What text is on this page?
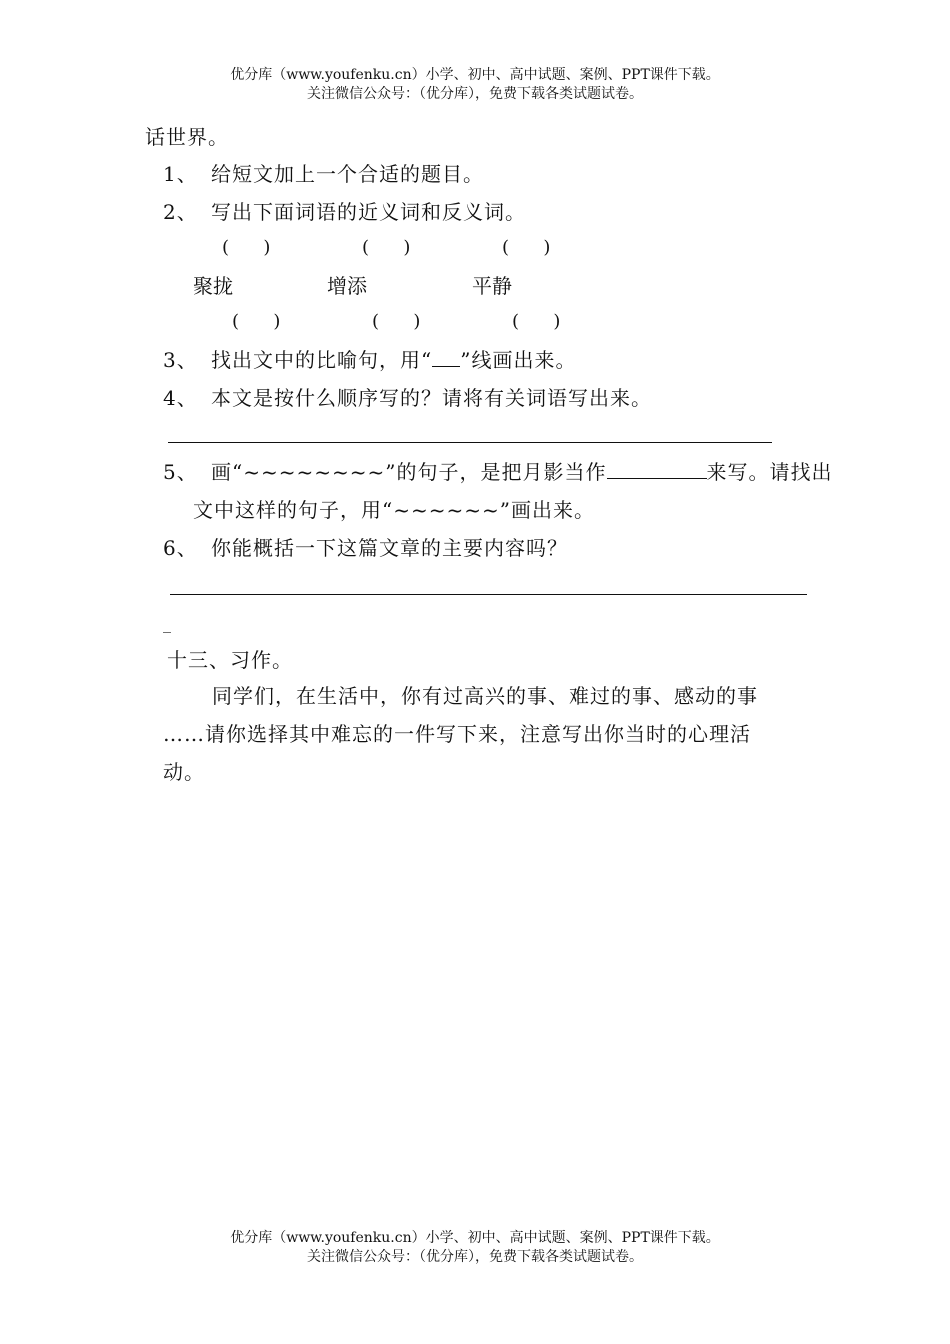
优分库（www.youfenku.cn）小学、初中、高中试题、案例、PPT课件下载。
关注微信公众号：（优分库），免费下载各类试题试卷。
话世界。
1、 给短文加上一个合适的题目。
2、 写出下面词语的近义词和反义词。
(      )	(      )	(      )
聚拢	增添	平静
(      )	(      )	(      )
3、 找出文中的比喻句，用“ ”线画出来。
4、 本文是按什么顺序写的？请将有关词语写出来。
5、 画“~~~~~~~~”的句子，是把月影当作	来写。请找出
文中这样的句子，用“~~~~~~”画出来。
6、 你能概括一下这篇文章的主要内容吗？
_
十三、习作。
同学们，在生活中，你有过高兴的事、难过的事、感动的事
……请你选择其中难忘的一件写下来，注意写出你当时的心理活
动。
优分库（www.youfenku.cn）小学、初中、高中试题、案例、PPT课件下载。
关注微信公众号：（优分库），免费下载各类试题试卷。
